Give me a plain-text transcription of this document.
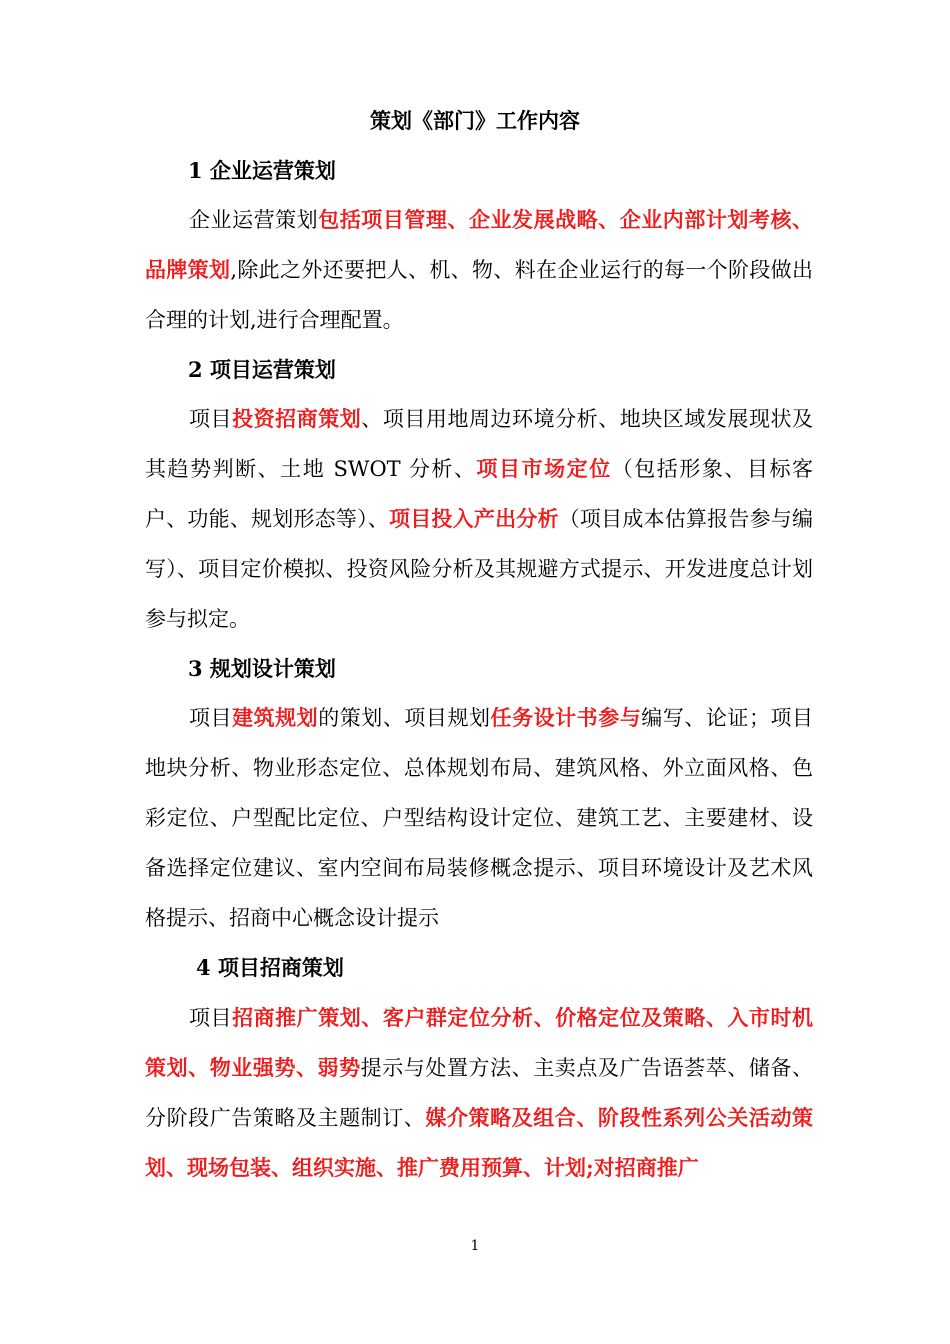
策划《部门》工作内容
1 企业运营策划

企业运营策划包括项目管理、企业发展战略、企业内部计划考核、品牌策划,除此之外还要把人、机、物、料在企业运行的每一个阶段做出合理的计划,进行合理配置。

2 项目运营策划

项目投资招商策划、项目用地周边环境分析、地块区域发展现状及其趋势判断、土地 SWOT 分析、项目市场定位（包括形象、目标客户、功能、规划形态等）、项目投入产出分析（项目成本估算报告参与编写）、项目定价模拟、投资风险分析及其规避方式提示、开发进度总计划参与拟定。

3 规划设计策划

项目建筑规划的策划、项目规划任务设计书参与编写、论证；项目地块分析、物业形态定位、总体规划布局、建筑风格、外立面风格、色彩定位、户型配比定位、户型结构设计定位、建筑工艺、主要建材、设备选择定位建议、室内空间布局装修概念提示、项目环境设计及艺术风格提示、招商中心概念设计提示

4 项目招商策划

项目招商推广策划、客户群定位分析、价格定位及策略、入市时机策划、物业强势、弱势提示与处置方法、主卖点及广告语荟萃、储备、分阶段广告策略及主题制订、媒介策略及组合、阶段性系列公关活动策划、现场包装、组织实施、推广费用预算、计划;对招商推广

1
